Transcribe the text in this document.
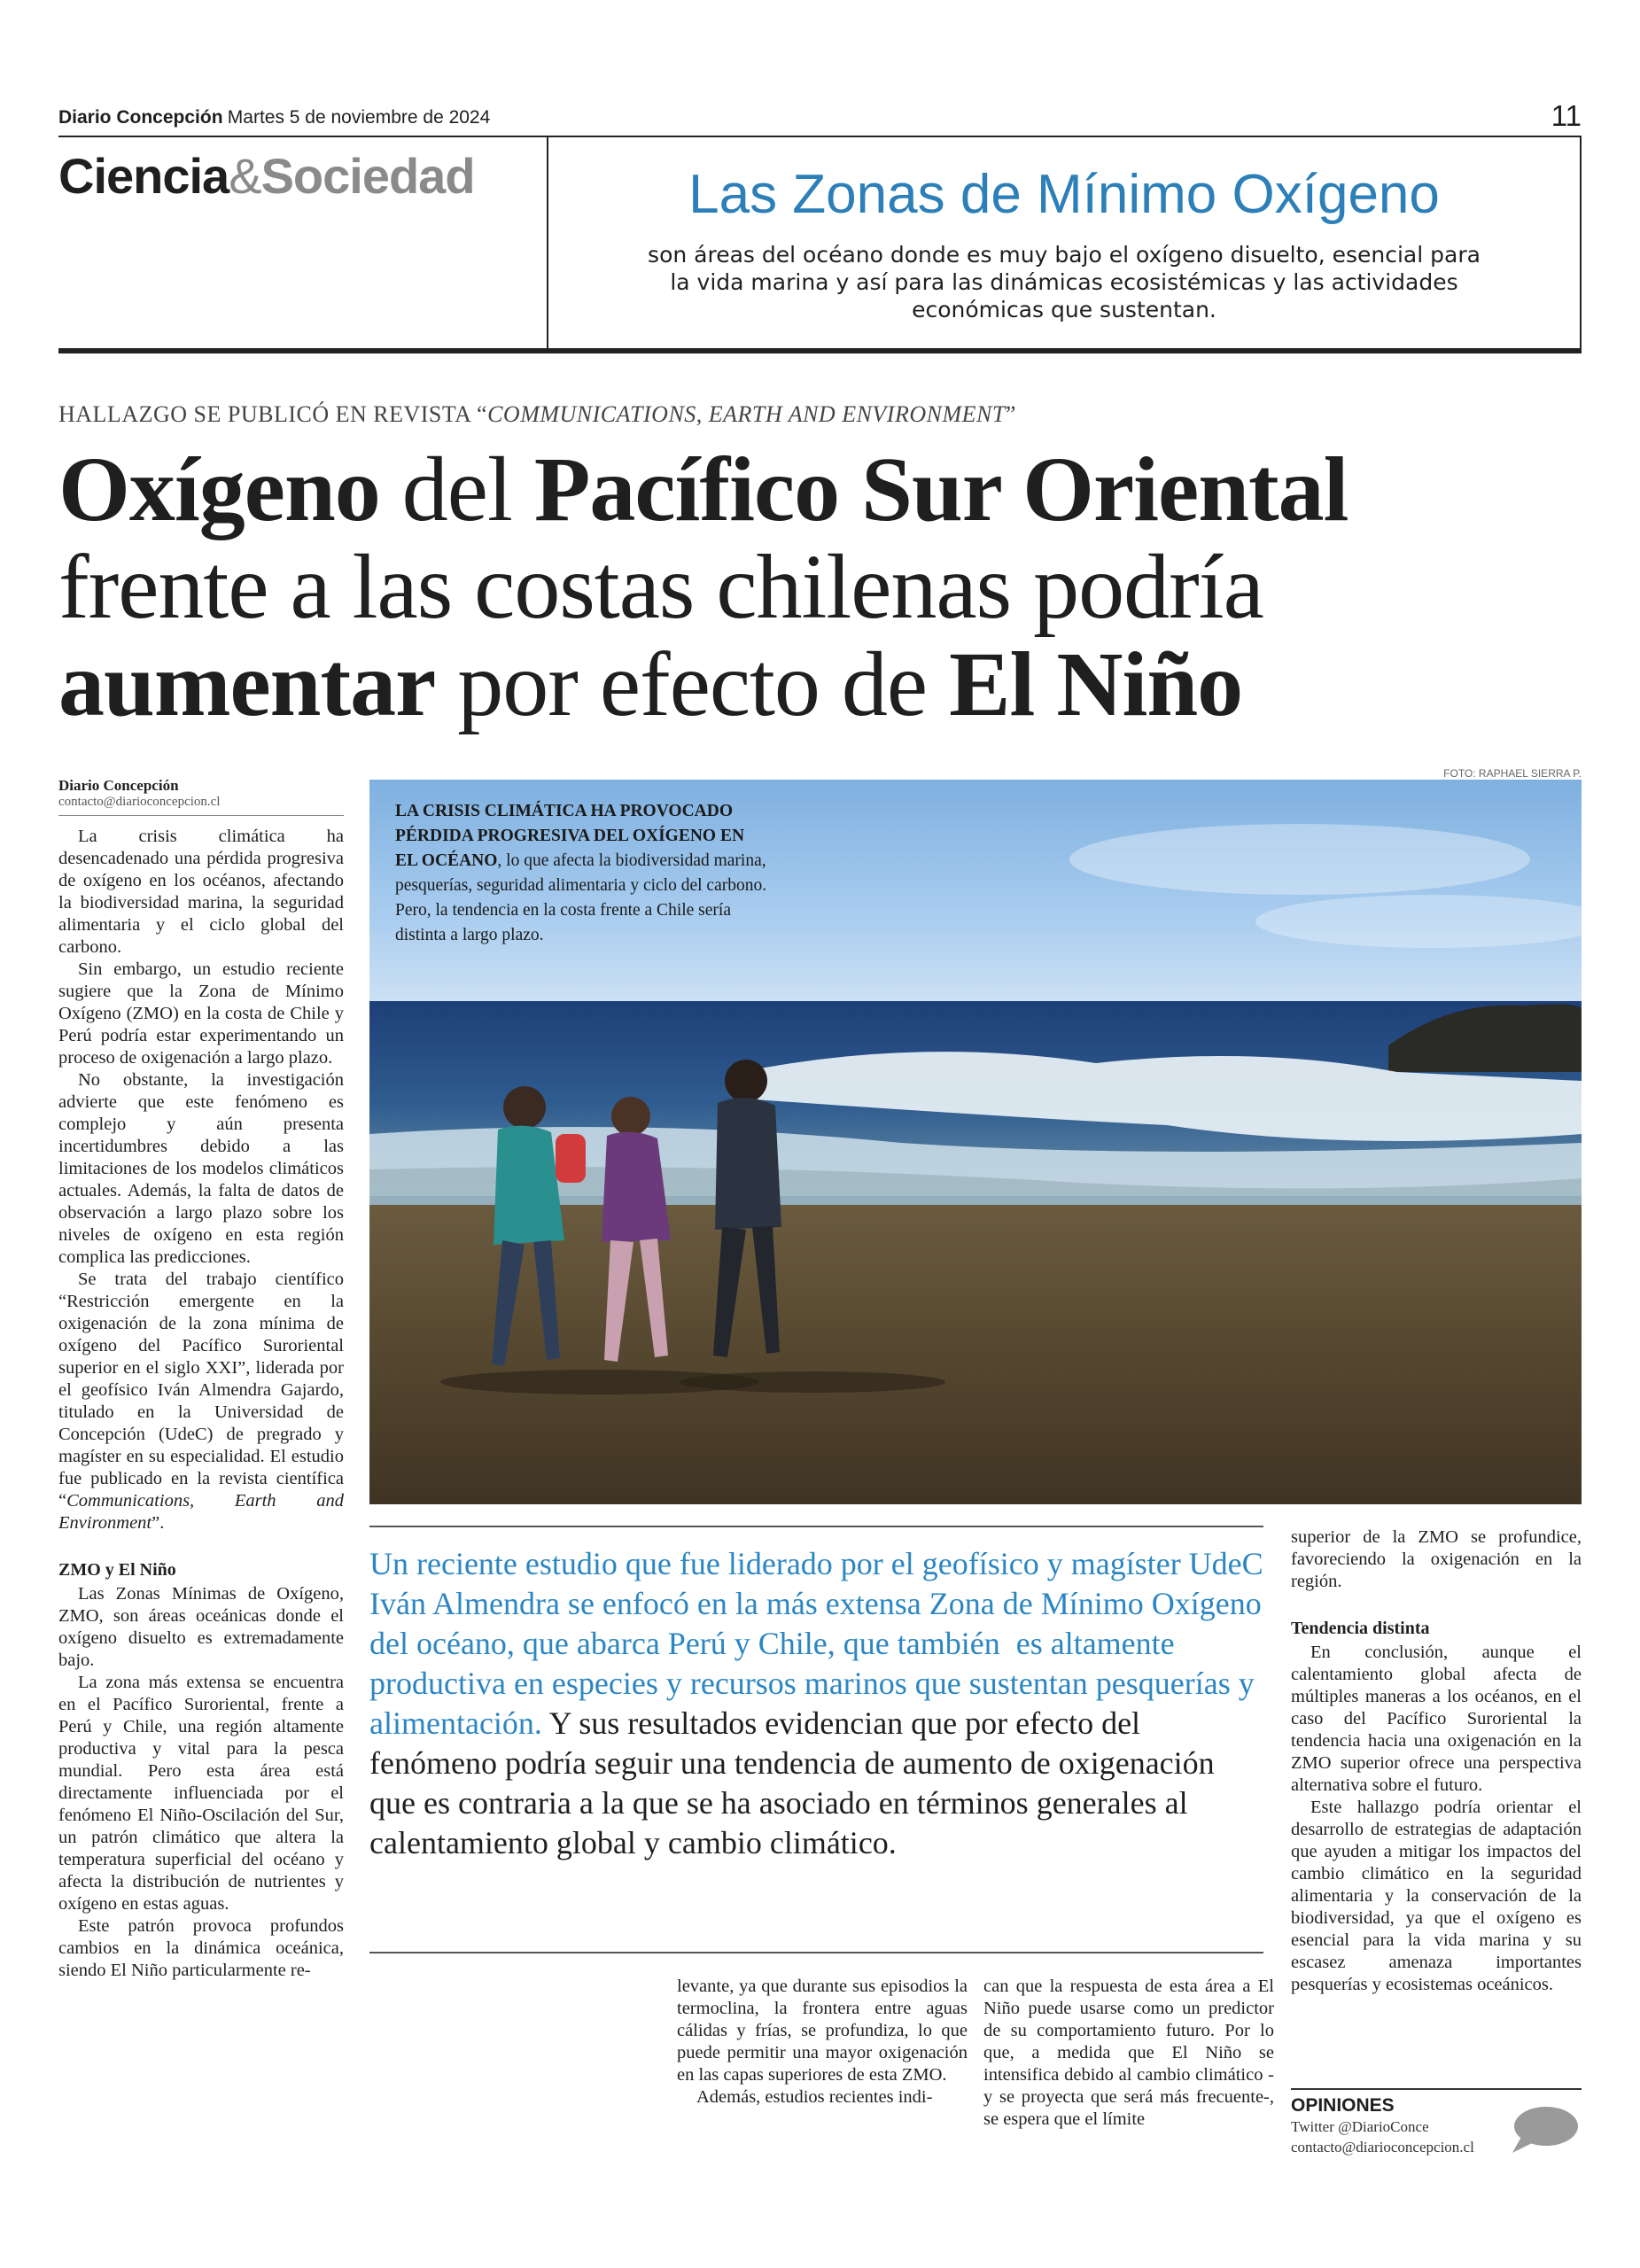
Diario Concepción Martes 5 de noviembre de 2024	11
Ciencia&Sociedad	Las Zonas de Mínimo Oxígeno
son áreas del océano donde es muy bajo el oxígeno disuelto, esencial para la vida marina y así para las dinámicas ecosistémicas y las actividades económicas que sustentan.
HALLAZGO SE PUBLICÓ EN REVISTA “COMMUNICATIONS, EARTH AND ENVIRONMENT”
Oxígeno del Pacífico Sur Oriental
frente a las costas chilenas podría
aumentar por efecto de El Niño
Diario Concepción
contacto@diarioconcepcion.cl

La crisis climática ha desencadenado una pérdida progresiva de oxígeno en los océanos, afectando la biodiversidad marina, la seguridad alimentaria y el ciclo global del carbono.

Sin embargo, un estudio reciente sugiere que la Zona de Mínimo Oxígeno (ZMO) en la costa de Chile y Perú podría estar experimentando un proceso de oxigenación a largo plazo.

No obstante, la investigación advierte que este fenómeno es complejo y aún presenta incertidumbres debido a las limitaciones de los modelos climáticos actuales. Además, la falta de datos de observación a largo plazo sobre los niveles de oxígeno en esta región complica las predicciones.

Se trata del trabajo científico “Restricción emergente en la oxigenación de la zona mínima de oxígeno del Pacífico Suroriental superior en el siglo XXI”, liderada por el geofísico Iván Almendra Gajardo, titulado en la Universidad de Concepción (UdeC) de pregrado y magíster en su especialidad. El estudio fue publicado en la revista científica “Communications, Earth and Environment”.

ZMO y El Niño

Las Zonas Mínimas de Oxígeno, ZMO, son áreas oceánicas donde el oxígeno disuelto es extremadamente bajo.

La zona más extensa se encuentra en el Pacífico Suroriental, frente a Perú y Chile, una región altamente productiva y vital para la pesca mundial. Pero esta área está directamente influenciada por el fenómeno El Niño-Oscilación del Sur, un patrón climático que altera la temperatura superficial del océano y afecta la distribución de nutrientes y oxígeno en estas aguas.

Este patrón provoca profundos cambios en la dinámica oceánica, siendo El Niño particularmente re-

FOTO: RAPHAEL SIERRA P.
LA CRISIS CLIMÁTICA HA PROVOCADO PÉRDIDA PROGRESIVA DEL OXÍGENO EN EL OCÉANO, lo que afecta la biodiversidad marina, pesquerías, seguridad alimentaria y ciclo del carbono. Pero, la tendencia en la costa frente a Chile sería distinta a largo plazo.
Un reciente estudio que fue liderado por el geofísico y magíster UdeC Iván Almendra se enfocó en la más extensa Zona de Mínimo Oxígeno del océano, que abarca Perú y Chile, que también  es altamente productiva en especies y recursos marinos que sustentan pesquerías y alimentación. Y sus resultados evidencian que por efecto del fenómeno podría seguir una tendencia de aumento de oxigenación que es contraria a la que se ha asociado en términos generales al calentamiento global y cambio climático.

levante, ya que durante sus episodios la termoclina, la frontera entre aguas cálidas y frías, se profundiza, lo que puede permitir una mayor oxigenación en las capas superiores de esta ZMO.

Además, estudios recientes indi-

can que la respuesta de esta área a El Niño puede usarse como un predictor de su comportamiento futuro. Por lo que, a medida que El Niño se intensifica debido al cambio climático -y se proyecta que será más frecuente-, se espera que el límite

superior de la ZMO se profundice, favoreciendo la oxigenación en la región.

Tendencia distinta

En conclusión, aunque el calentamiento global afecta de múltiples maneras a los océanos, en el caso del Pacífico Suroriental la tendencia hacia una oxigenación en la ZMO superior ofrece una perspectiva alternativa sobre el futuro.

Este hallazgo podría orientar el desarrollo de estrategias de adaptación que ayuden a mitigar los impactos del cambio climático en la seguridad alimentaria y la conservación de la biodiversidad, ya que el oxígeno es esencial para la vida marina y su escasez amenaza importantes pesquerías y ecosistemas oceánicos.

OPINIONES
Twitter @DiarioConce
contacto@diarioconcepcion.cl
